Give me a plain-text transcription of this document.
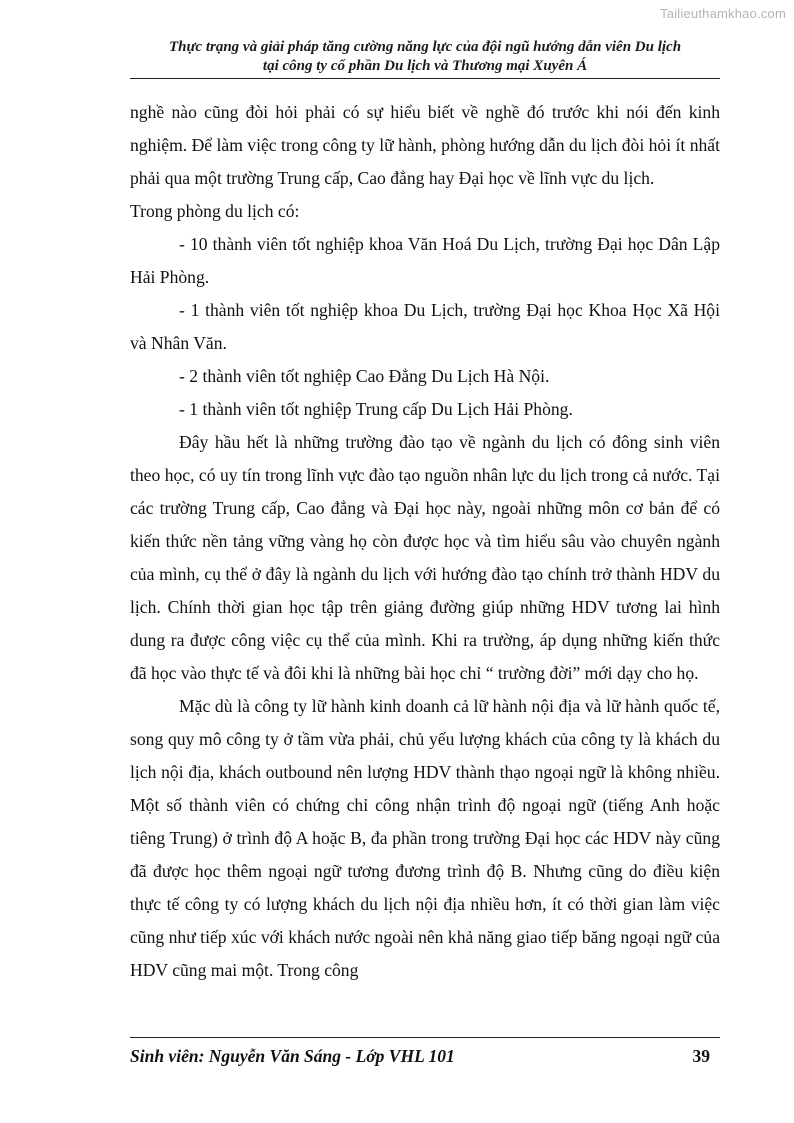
Tailieuthamkhao.com
Thực trạng và giải pháp tăng cường năng lực của đội ngũ hướng dẫn viên Du lịch
tại công ty cổ phần Du lịch và Thương mại Xuyên Á

nghề nào cũng đòi hỏi phải có sự hiểu biết về nghề đó trước khi nói đến kinh nghiệm. Để làm việc trong công ty lữ hành, phòng hướng dẫn du lịch đòi hỏi ít nhất phải qua một trường Trung cấp, Cao đẳng hay Đại học về lĩnh vực du lịch.

Trong phòng du lịch có:

- 10 thành viên tốt nghiệp khoa Văn Hoá Du Lịch, trường Đại học Dân Lập Hải Phòng.

- 1 thành viên tốt nghiệp khoa Du Lịch, trường Đại học Khoa Học Xã Hội và Nhân Văn.

- 2 thành viên tốt nghiệp Cao Đẳng Du Lịch Hà Nội.

- 1 thành viên tốt nghiệp Trung cấp Du Lịch Hải Phòng.

Đây hầu hết là những trường đào tạo về ngành du lịch có đông sinh viên theo học, có uy tín trong lĩnh vực đào tạo nguồn nhân lực du lịch trong cả nước. Tại các trường Trung cấp, Cao đẳng và Đại học này, ngoài những môn cơ bản để có kiến thức nền tảng vững vàng họ còn được học và tìm hiểu sâu vào chuyên ngành của mình, cụ thể ở đây là ngành du lịch với hướng đào tạo chính trở thành HDV du lịch. Chính thời gian học tập trên giảng đường giúp những HDV tương lai hình dung ra được công việc cụ thể của mình. Khi ra trường, áp dụng những kiến thức đã học vào thực tế và đôi khi là những bài học chỉ “ trường đời” mới dạy cho họ.

Mặc dù là công ty lữ hành kinh doanh cả lữ hành nội địa và lữ hành quốc tế, song quy mô công ty ở tầm vừa phải, chủ yếu lượng khách của công ty là khách du lịch nội địa, khách outbound nên lượng HDV thành thạo ngoại ngữ là không nhiều. Một số thành viên có chứng chỉ công nhận trình độ ngoại ngữ (tiếng Anh hoặc tiêng Trung) ở trình độ A hoặc B, đa phần trong trường Đại học các HDV này cũng đã được học thêm ngoại ngữ tương đương trình độ B. Nhưng cũng do điều kiện thực tế công ty có lượng khách du lịch nội địa nhiều hơn, ít có thời gian làm việc cũng như tiếp xúc với khách nước ngoài nên khả năng giao tiếp băng ngoại ngữ của HDV cũng mai một. Trong công

Sinh viên: Nguyễn Văn Sáng - Lớp VHL 101	39
